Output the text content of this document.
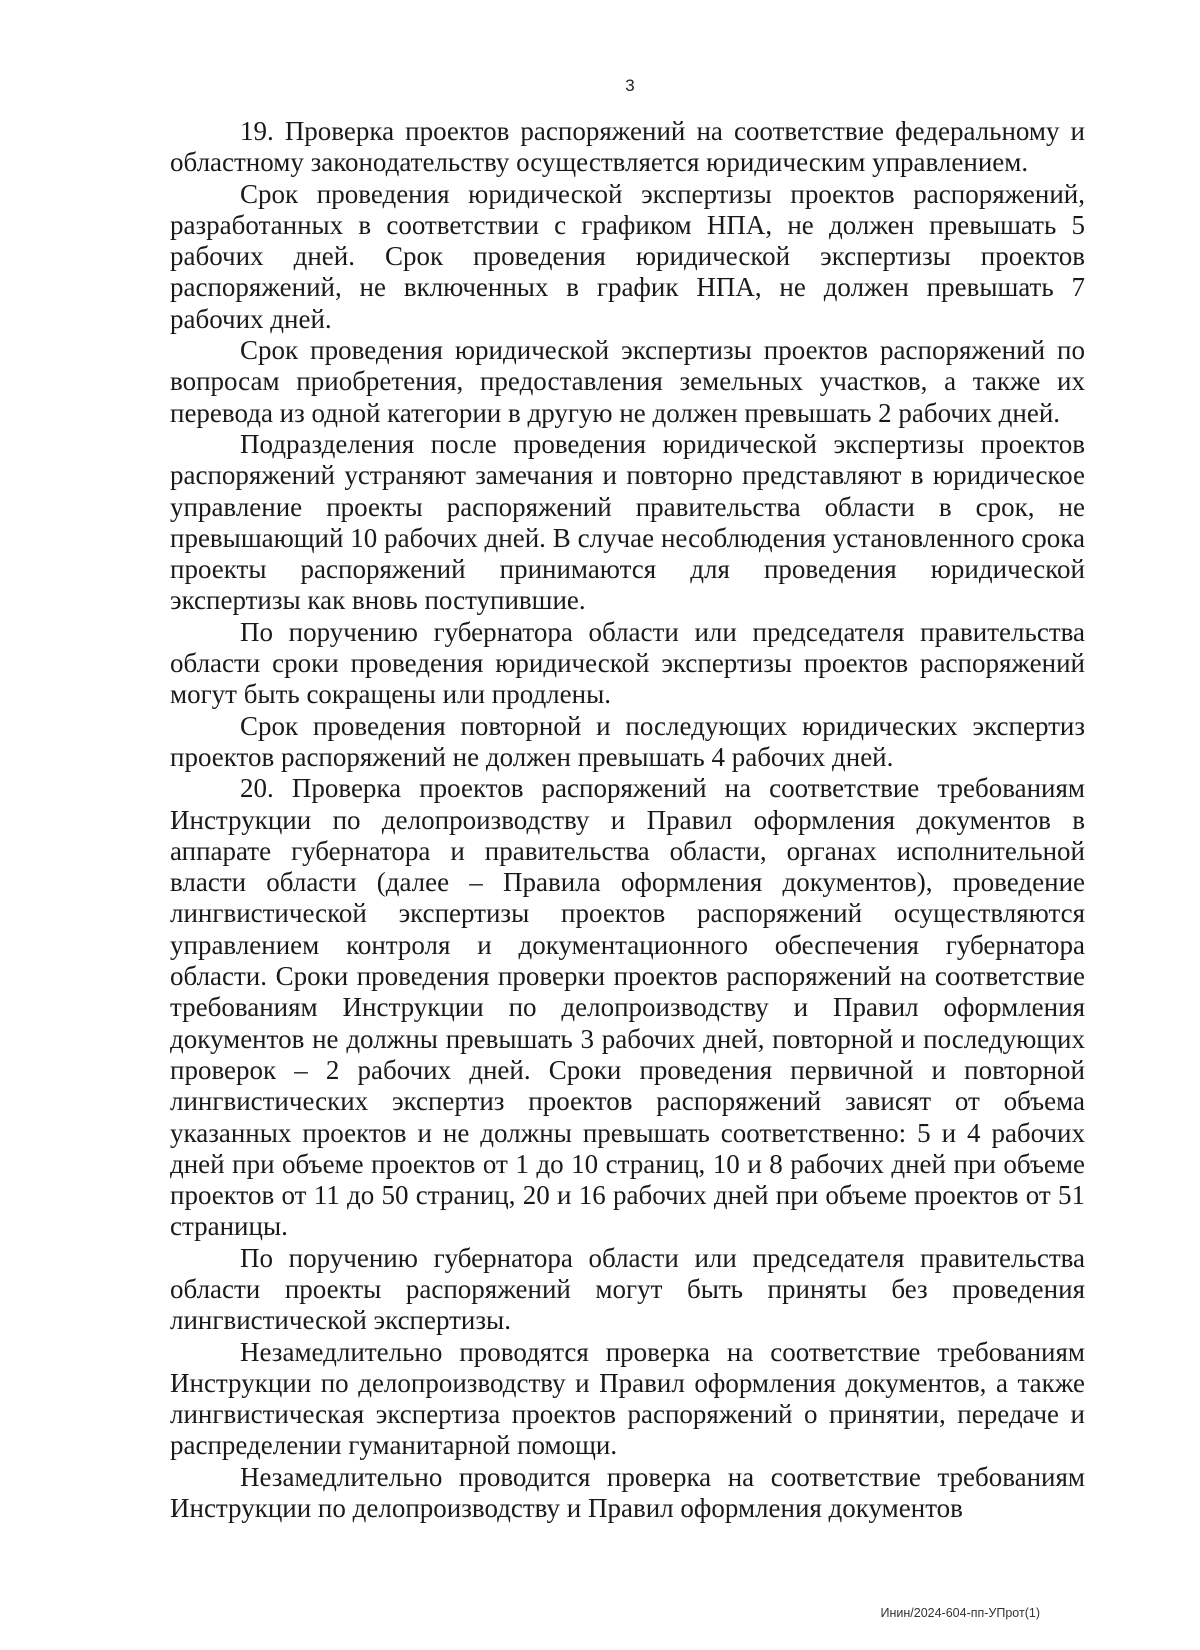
3

19. Проверка проектов распоряжений на соответствие федеральному и областному законодательству осуществляется юридическим управлением.

Срок проведения юридической экспертизы проектов распоряжений, разработанных в соответствии с графиком НПА, не должен превышать 5 рабочих дней. Срок проведения юридической экспертизы проектов распоряжений, не включенных в график НПА, не должен превышать 7 рабочих дней.

Срок проведения юридической экспертизы проектов распоряжений по вопросам приобретения, предоставления земельных участков, а также их перевода из одной категории в другую не должен превышать 2 рабочих дней.

Подразделения после проведения юридической экспертизы проектов распоряжений устраняют замечания и повторно представляют в юридическое управление проекты распоряжений правительства области в срок, не превышающий 10 рабочих дней. В случае несоблюдения установленного срока проекты распоряжений принимаются для проведения юридической экспертизы как вновь поступившие.

По поручению губернатора области или председателя правительства области сроки проведения юридической экспертизы проектов распоряжений могут быть сокращены или продлены.

Срок проведения повторной и последующих юридических экспертиз проектов распоряжений не должен превышать 4 рабочих дней.

20. Проверка проектов распоряжений на соответствие требованиям Инструкции по делопроизводству и Правил оформления документов в аппарате губернатора и правительства области, органах исполнительной власти области (далее – Правила оформления документов), проведение лингвистической экспертизы проектов распоряжений осуществляются управлением контроля и документационного обеспечения губернатора области. Сроки проведения проверки проектов распоряжений на соответствие требованиям Инструкции по делопроизводству и Правил оформления документов не должны превышать 3 рабочих дней, повторной и последующих проверок – 2 рабочих дней. Сроки проведения первичной и повторной лингвистических экспертиз проектов распоряжений зависят от объема указанных проектов и не должны превышать соответственно: 5 и 4 рабочих дней при объеме проектов от 1 до 10 страниц, 10 и 8 рабочих дней при объеме проектов от 11 до 50 страниц, 20 и 16 рабочих дней при объеме проектов от 51 страницы.

По поручению губернатора области или председателя правительства области проекты распоряжений могут быть приняты без проведения лингвистической экспертизы.

Незамедлительно проводятся проверка на соответствие требованиям Инструкции по делопроизводству и Правил оформления документов, а также лингвистическая экспертиза проектов распоряжений о принятии, передаче и распределении гуманитарной помощи.

Незамедлительно проводится проверка на соответствие требованиям Инструкции по делопроизводству и Правил оформления документов

Инин/2024-604-пп-УПрот(1)
